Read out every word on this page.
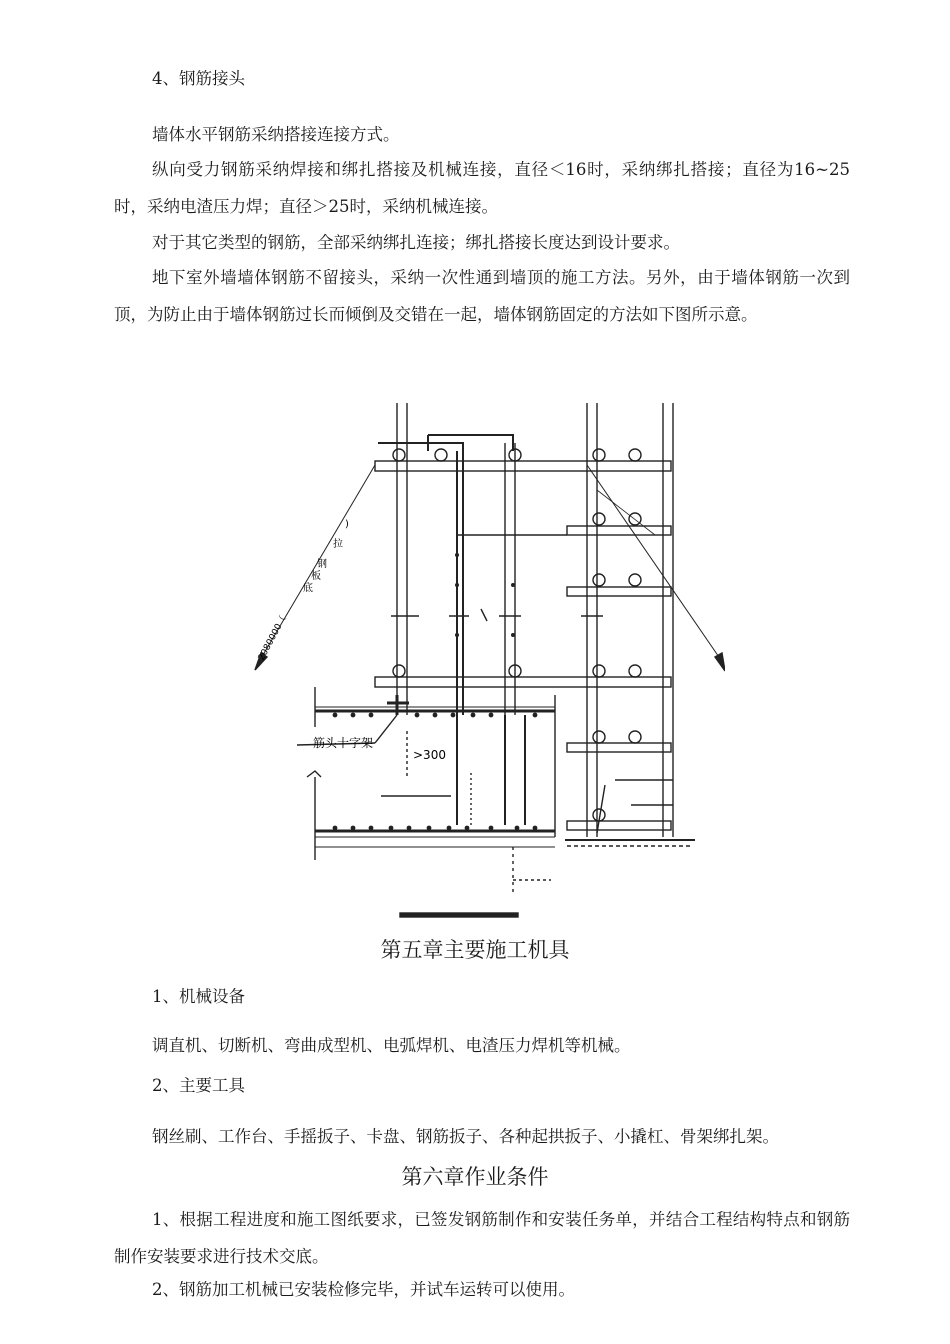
4、钢筋接头
墙体水平钢筋采纳搭接连接方式。
纵向受力钢筋采纳焊接和绑扎搭接及机械连接，直径＜16时，采纳绑扎搭接；直径为16~25时，采纳电渣压力焊；直径＞25时，采纳机械连接。
对于其它类型的钢筋，全部采纳绑扎连接；绑扎搭接长度达到设计要求。
地下室外墙墙体钢筋不留接头，采纳一次性通到墙顶的施工方法。另外，由于墙体钢筋一次到顶，为防止由于墙体钢筋过长而倾倒及交错在一起，墙体钢筋固定的方法如下图所示意。
筋头十字架
>300
)
拉
钢
板
底
2080000（
第五章主要施工机具
1、机械设备
调直机、切断机、弯曲成型机、电弧焊机、电渣压力焊机等机械。
2、主要工具
钢丝刷、工作台、手摇扳子、卡盘、钢筋扳子、各种起拱扳子、小撬杠、骨架绑扎架。
第六章作业条件
1、根据工程进度和施工图纸要求，已签发钢筋制作和安装任务单，并结合工程结构特点和钢筋制作安装要求进行技术交底。
2、钢筋加工机械已安装检修完毕，并试车运转可以使用。
